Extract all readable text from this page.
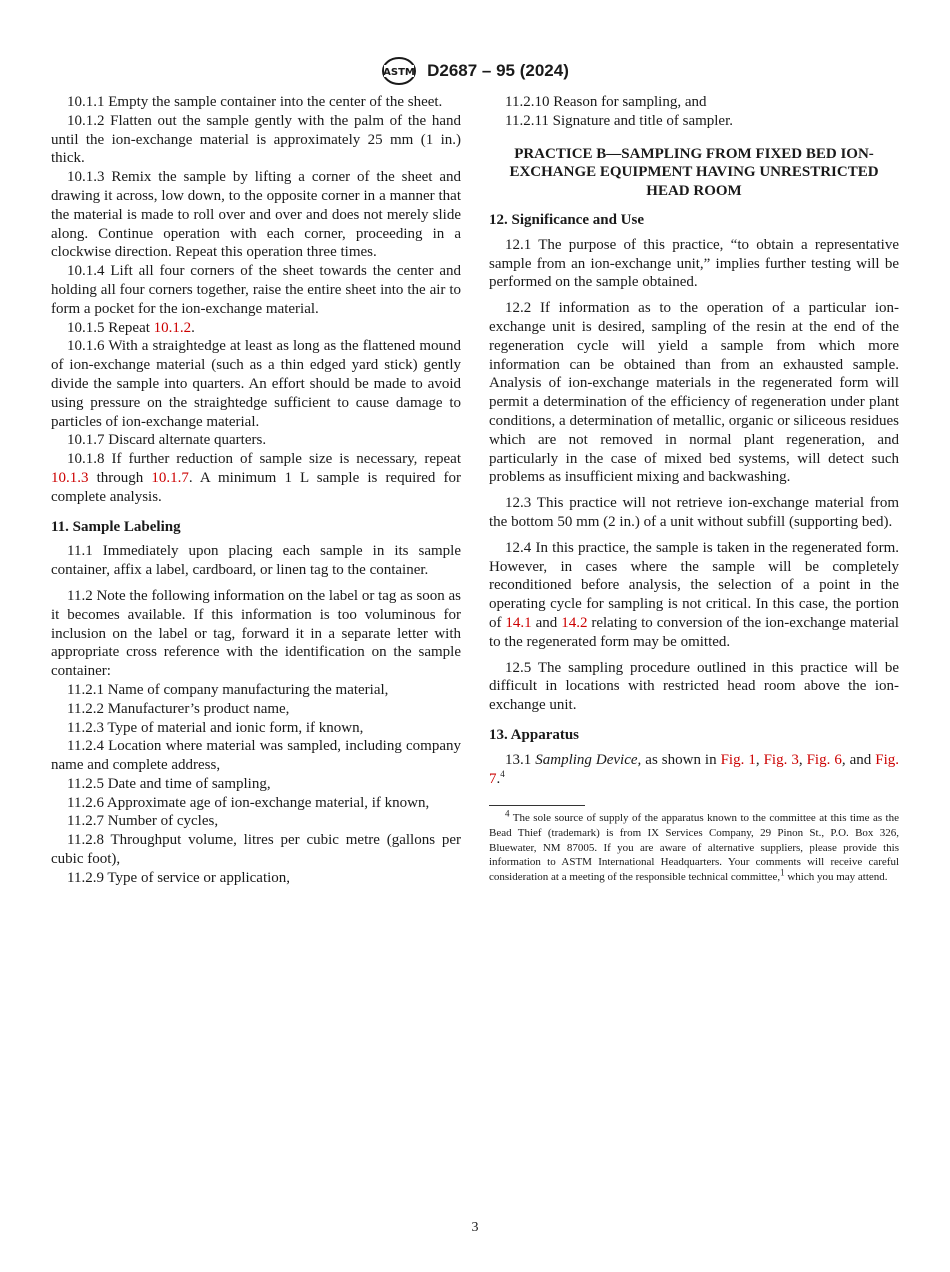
ASTM D2687 – 95 (2024)

10.1.1 Empty the sample container into the center of the sheet.

10.1.2 Flatten out the sample gently with the palm of the hand until the ion-exchange material is approximately 25 mm (1 in.) thick.

10.1.3 Remix the sample by lifting a corner of the sheet and drawing it across, low down, to the opposite corner in a manner that the material is made to roll over and over and does not merely slide along. Continue operation with each corner, proceeding in a clockwise direction. Repeat this operation three times.

10.1.4 Lift all four corners of the sheet towards the center and holding all four corners together, raise the entire sheet into the air to form a pocket for the ion-exchange material.

10.1.5 Repeat 10.1.2.

10.1.6 With a straightedge at least as long as the flattened mound of ion-exchange material (such as a thin edged yard stick) gently divide the sample into quarters. An effort should be made to avoid using pressure on the straightedge sufficient to cause damage to particles of ion-exchange material.

10.1.7 Discard alternate quarters.

10.1.8 If further reduction of sample size is necessary, repeat 10.1.3 through 10.1.7. A minimum 1 L sample is required for complete analysis.

11. Sample Labeling

11.1 Immediately upon placing each sample in its sample container, affix a label, cardboard, or linen tag to the container.

11.2 Note the following information on the label or tag as soon as it becomes available. If this information is too voluminous for inclusion on the label or tag, forward it in a separate letter with appropriate cross reference with the identification on the sample container:

11.2.1 Name of company manufacturing the material,

11.2.2 Manufacturer’s product name,

11.2.3 Type of material and ionic form, if known,

11.2.4 Location where material was sampled, including company name and complete address,

11.2.5 Date and time of sampling,

11.2.6 Approximate age of ion-exchange material, if known,

11.2.7 Number of cycles,

11.2.8 Throughput volume, litres per cubic metre (gallons per cubic foot),

11.2.9 Type of service or application,

11.2.10 Reason for sampling, and

11.2.11 Signature and title of sampler.

PRACTICE B—SAMPLING FROM FIXED BED ION-EXCHANGE EQUIPMENT HAVING UNRESTRICTED HEAD ROOM

12. Significance and Use

12.1 The purpose of this practice, “to obtain a representative sample from an ion-exchange unit,” implies further testing will be performed on the sample obtained.

12.2 If information as to the operation of a particular ion-exchange unit is desired, sampling of the resin at the end of the regeneration cycle will yield a sample from which more information can be obtained than from an exhausted sample. Analysis of ion-exchange materials in the regenerated form will permit a determination of the efficiency of regeneration under plant conditions, a determination of metallic, organic or siliceous residues which are not removed in normal plant regeneration, and particularly in the case of mixed bed systems, will detect such problems as insufficient mixing and backwashing.

12.3 This practice will not retrieve ion-exchange material from the bottom 50 mm (2 in.) of a unit without subfill (supporting bed).

12.4 In this practice, the sample is taken in the regenerated form. However, in cases where the sample will be completely reconditioned before analysis, the selection of a point in the operating cycle for sampling is not critical. In this case, the portion of 14.1 and 14.2 relating to conversion of the ion-exchange material to the regenerated form may be omitted.

12.5 The sampling procedure outlined in this practice will be difficult in locations with restricted head room above the ion-exchange unit.

13. Apparatus

13.1 Sampling Device, as shown in Fig. 1, Fig. 3, Fig. 6, and Fig. 7.$^4$

$^4$ The sole source of supply of the apparatus known to the committee at this time as the Bead Thief (trademark) is from IX Services Company, 29 Pinon St., P.O. Box 326, Bluewater, NM 87005. If you are aware of alternative suppliers, please provide this information to ASTM International Headquarters. Your comments will receive careful consideration at a meeting of the responsible technical committee,$^1$ which you may attend.

3
